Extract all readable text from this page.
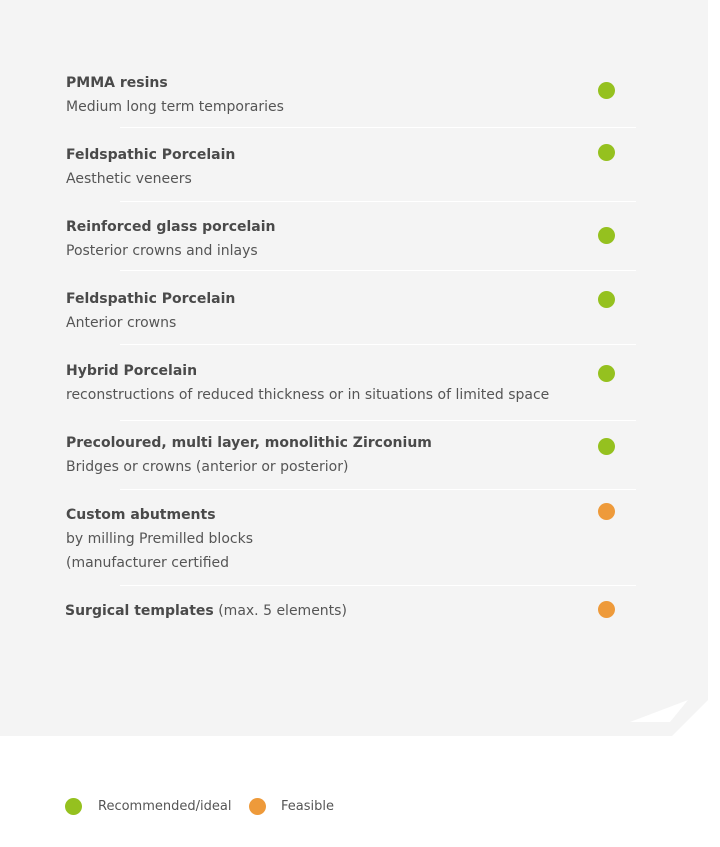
PMMA resins
Medium long term temporaries
Feldspathic Porcelain
Aesthetic veneers
Reinforced glass porcelain
Posterior crowns and inlays
Feldspathic Porcelain
Anterior crowns
Hybrid Porcelain
reconstructions of reduced thickness or in situations of limited space
Precoloured, multi layer, monolithic Zirconium
Bridges or crowns (anterior or posterior)
Custom abutments
by milling Premilled blocks
(manufacturer certified
Surgical templates (max. 5 elements)
Recommended/ideal	Feasible
